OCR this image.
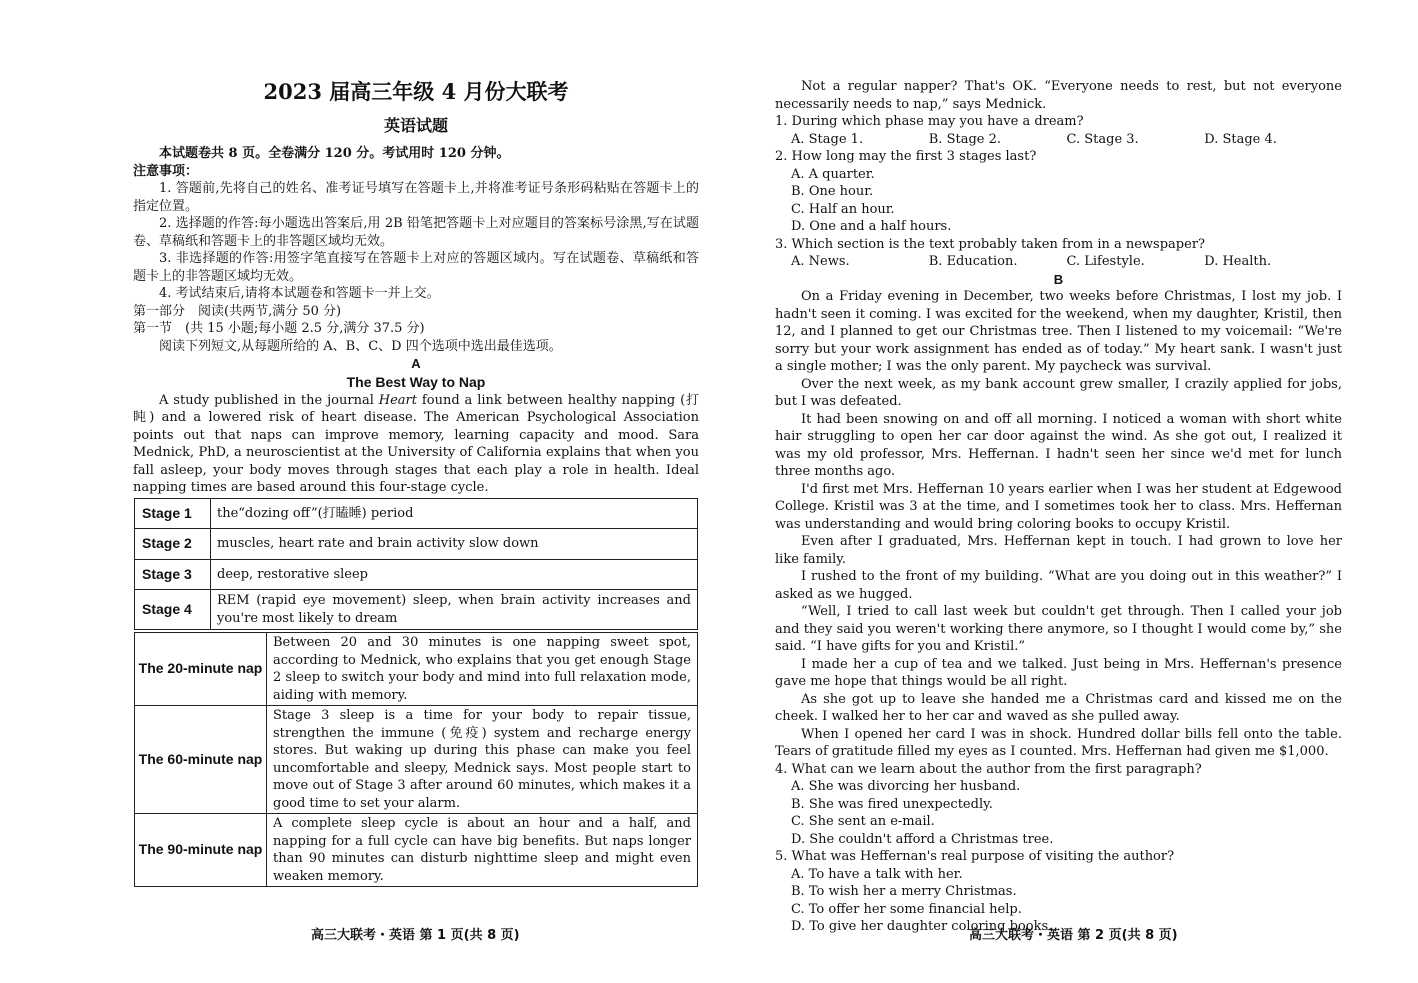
2023 届高三年级 4 月份大联考
英语试题

本试题卷共 8 页。全卷满分 120 分。考试用时 120 分钟。

注意事项：

1. 答题前,先将自己的姓名、准考证号填写在答题卡上,并将准考证号条形码粘贴在答题卡上的指定位置。

2. 选择题的作答:每小题选出答案后,用 2B 铅笔把答题卡上对应题目的答案标号涂黑,写在试题卷、草稿纸和答题卡上的非答题区域均无效。

3. 非选择题的作答:用签字笔直接写在答题卡上对应的答题区域内。写在试题卷、草稿纸和答题卡上的非答题区域均无效。

4. 考试结束后,请将本试题卷和答题卡一并上交。

第一部分　阅读(共两节,满分 50 分)

第一节　(共 15 小题;每小题 2.5 分,满分 37.5 分)

阅读下列短文,从每题所给的 A、B、C、D 四个选项中选出最佳选项。

A

The Best Way to Nap

A study published in the journal Heart found a link between healthy napping (打盹) and a lowered risk of heart disease. The American Psychological Association points out that naps can improve memory, learning capacity and mood. Sara Mednick, PhD, a neuroscientist at the University of California explains that when you fall asleep, your body moves through stages that each play a role in health. Ideal napping times are based around this four-stage cycle.

Stage 1	the“dozing off”(打瞌睡) period
Stage 2	muscles, heart rate and brain activity slow down
Stage 3	deep, restorative sleep
Stage 4	REM (rapid eye movement) sleep, when brain activity increases and you're most likely to dream
The 20-minute nap	Between 20 and 30 minutes is one napping sweet spot, according to Mednick, who explains that you get enough Stage 2 sleep to switch your body and mind into full relaxation mode, aiding with memory.
The 60-minute nap	Stage 3 sleep is a time for your body to repair tissue, strengthen the immune (免疫) system and recharge energy stores. But waking up during this phase can make you feel uncomfortable and sleepy, Mednick says. Most people start to move out of Stage 3 after around 60 minutes, which makes it a good time to set your alarm.
The 90-minute nap	A complete sleep cycle is about an hour and a half, and napping for a full cycle can have big benefits. But naps longer than 90 minutes can disturb nighttime sleep and might even weaken memory.
高三大联考・英语 第 1 页(共 8 页)

Not a regular napper? That's OK. “Everyone needs to rest, but not everyone necessarily needs to nap,” says Mednick.

1. During which phase may you have a dream?

A. Stage 1.	B. Stage 2.	C. Stage 3.	D. Stage 4.

2. How long may the first 3 stages last?

A. A quarter.
B. One hour.
C. Half an hour.
D. One and a half hours.

3. Which section is the text probably taken from in a newspaper?

A. News.	B. Education.	C. Lifestyle.	D. Health.

B

On a Friday evening in December, two weeks before Christmas, I lost my job. I hadn't seen it coming. I was excited for the weekend, when my daughter, Kristil, then 12, and I planned to get our Christmas tree. Then I listened to my voicemail: “We're sorry but your work assignment has ended as of today.” My heart sank. I wasn't just a single mother; I was the only parent. My paycheck was survival.

Over the next week, as my bank account grew smaller, I crazily applied for jobs, but I was defeated.

It had been snowing on and off all morning. I noticed a woman with short white hair struggling to open her car door against the wind. As she got out, I realized it was my old professor, Mrs. Heffernan. I hadn't seen her since we'd met for lunch three months ago.

I'd first met Mrs. Heffernan 10 years earlier when I was her student at Edgewood College. Kristil was 3 at the time, and I sometimes took her to class. Mrs. Heffernan was understanding and would bring coloring books to occupy Kristil.

Even after I graduated, Mrs. Heffernan kept in touch. I had grown to love her like family.

I rushed to the front of my building. “What are you doing out in this weather?” I asked as we hugged.

“Well, I tried to call last week but couldn't get through. Then I called your job and they said you weren't working there anymore, so I thought I would come by,” she said. “I have gifts for you and Kristil.”

I made her a cup of tea and we talked. Just being in Mrs. Heffernan's presence gave me hope that things would be all right.

As she got up to leave she handed me a Christmas card and kissed me on the cheek. I walked her to her car and waved as she pulled away.

When I opened her card I was in shock. Hundred dollar bills fell onto the table. Tears of gratitude filled my eyes as I counted. Mrs. Heffernan had given me $1,000.

4. What can we learn about the author from the first paragraph?

A. She was divorcing her husband.
B. She was fired unexpectedly.
C. She sent an e-mail.
D. She couldn't afford a Christmas tree.

5. What was Heffernan's real purpose of visiting the author?

A. To have a talk with her.
B. To wish her a merry Christmas.
C. To offer her some financial help.
D. To give her daughter coloring books.
高三大联考・英语 第 2 页(共 8 页)
